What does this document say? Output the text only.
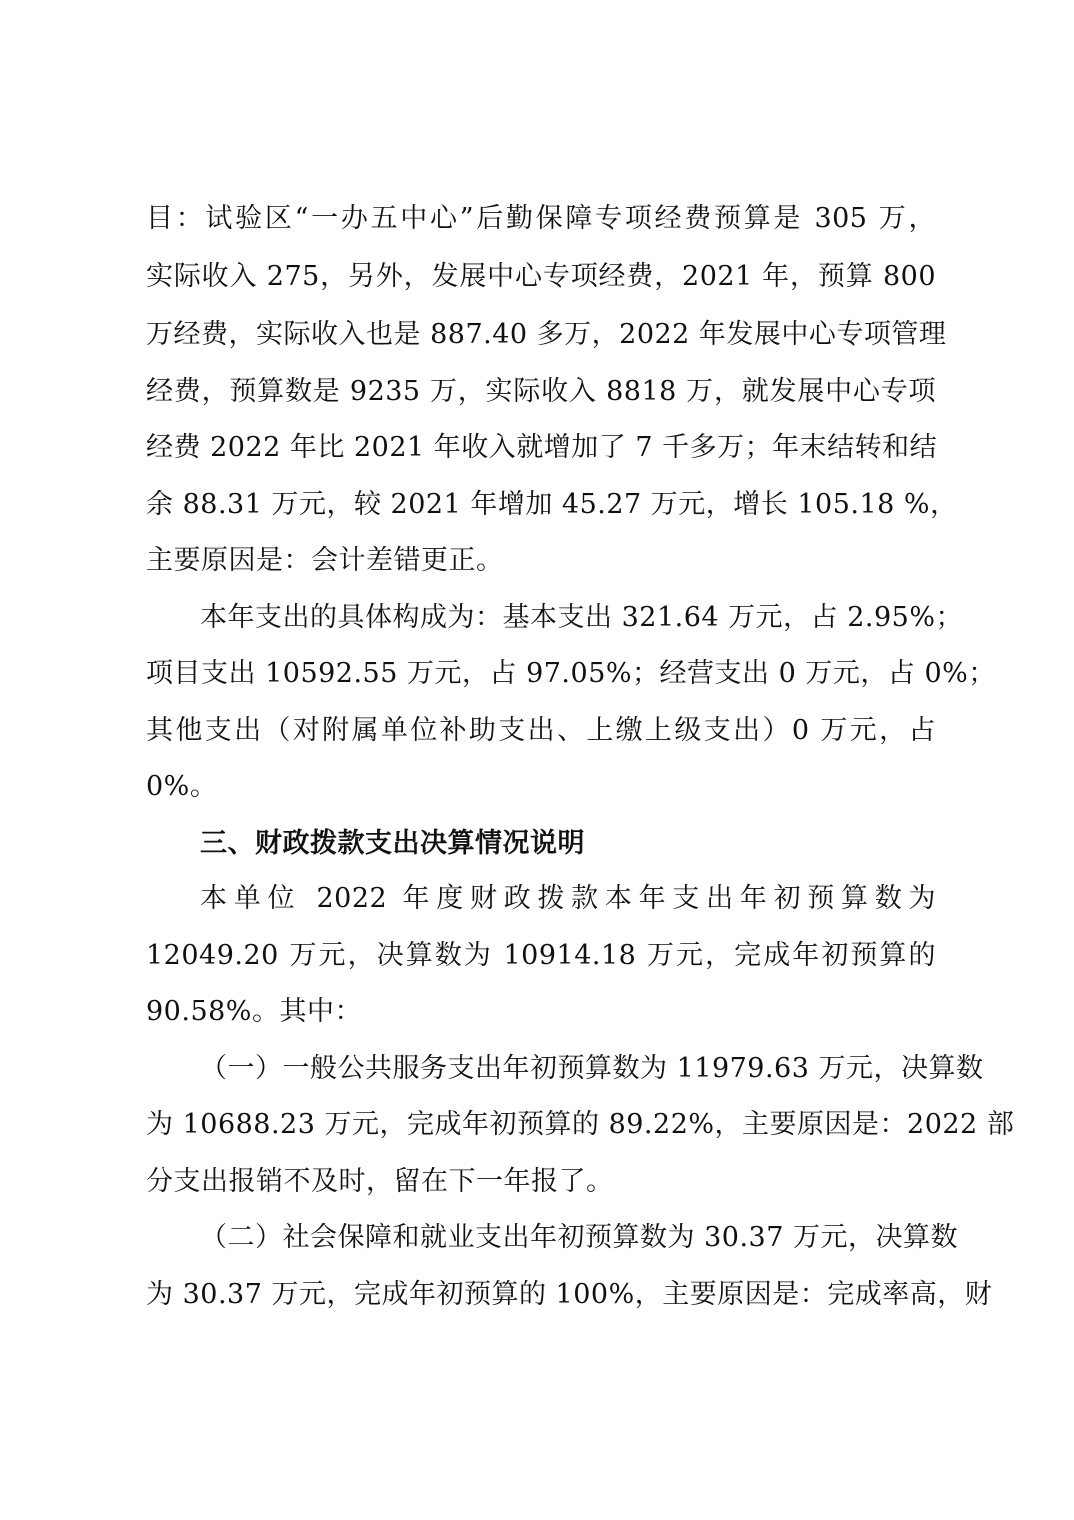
目：试验区“一办五中心”后勤保障专项经费预算是 305 万，
实际收入 275，另外，发展中心专项经费，2021 年，预算 800
万经费，实际收入也是 887.40 多万，2022 年发展中心专项管理
经费，预算数是 9235 万，实际收入 8818 万，就发展中心专项
经费 2022 年比 2021 年收入就增加了 7 千多万；年末结转和结
余 88.31 万元，较 2021 年增加 45.27 万元，增长 105.18 %，
主要原因是：会计差错更正。
本年支出的具体构成为：基本支出 321.64 万元，占 2.95%；
项目支出 10592.55 万元，占 97.05%；经营支出 0 万元，占 0%；
其他支出（对附属单位补助支出、上缴上级支出）0 万元，占
0%。
三、财政拨款支出决算情况说明
本单位 2022 年度财政拨款本年支出年初预算数为
12049.20 万元，决算数为 10914.18 万元，完成年初预算的
90.58%。其中：
（一）一般公共服务支出年初预算数为 11979.63 万元，决算数
为 10688.23 万元，完成年初预算的 89.22%，主要原因是：2022 部
分支出报销不及时，留在下一年报了。
（二）社会保障和就业支出年初预算数为 30.37 万元，决算数
为 30.37 万元，完成年初预算的 100%，主要原因是：完成率高，财
